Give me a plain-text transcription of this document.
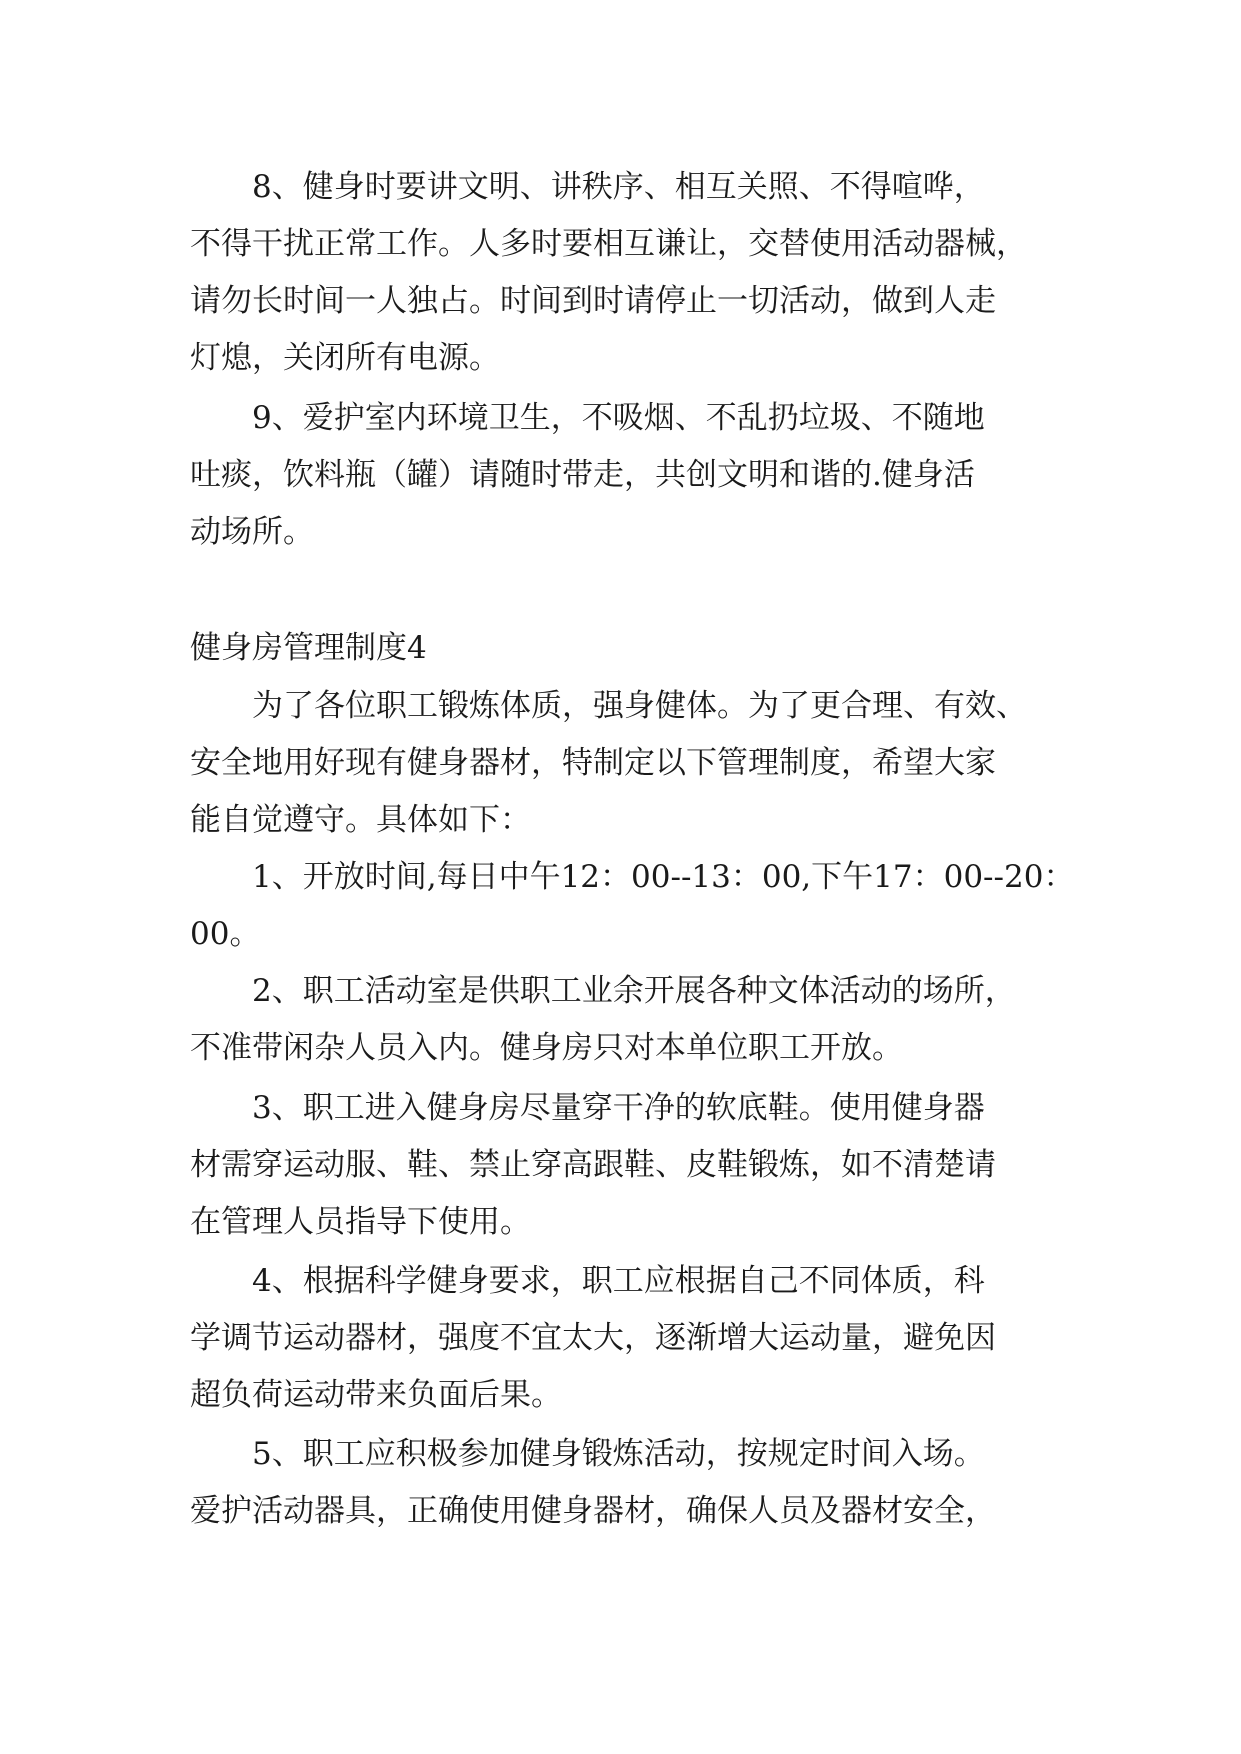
8、健身时要讲文明、讲秩序、相互关照、不得喧哗，
不得干扰正常工作。人多时要相互谦让，交替使用活动器械，
请勿长时间一人独占。时间到时请停止一切活动，做到人走
灯熄，关闭所有电源。
9、爱护室内环境卫生，不吸烟、不乱扔垃圾、不随地
吐痰，饮料瓶（罐）请随时带走，共创文明和谐的.健身活
动场所。
健身房管理制度4
为了各位职工锻炼体质，强身健体。为了更合理、有效、
安全地用好现有健身器材，特制定以下管理制度，希望大家
能自觉遵守。具体如下：
1、开放时间,每日中午12：00--13：00,下午17：00--20：
00。
2、职工活动室是供职工业余开展各种文体活动的场所，
不准带闲杂人员入内。健身房只对本单位职工开放。
3、职工进入健身房尽量穿干净的软底鞋。使用健身器
材需穿运动服、鞋、禁止穿高跟鞋、皮鞋锻炼，如不清楚请
在管理人员指导下使用。
4、根据科学健身要求，职工应根据自己不同体质，科
学调节运动器材，强度不宜太大，逐渐增大运动量，避免因
超负荷运动带来负面后果。
5、职工应积极参加健身锻炼活动，按规定时间入场。
爱护活动器具，正确使用健身器材，确保人员及器材安全，
